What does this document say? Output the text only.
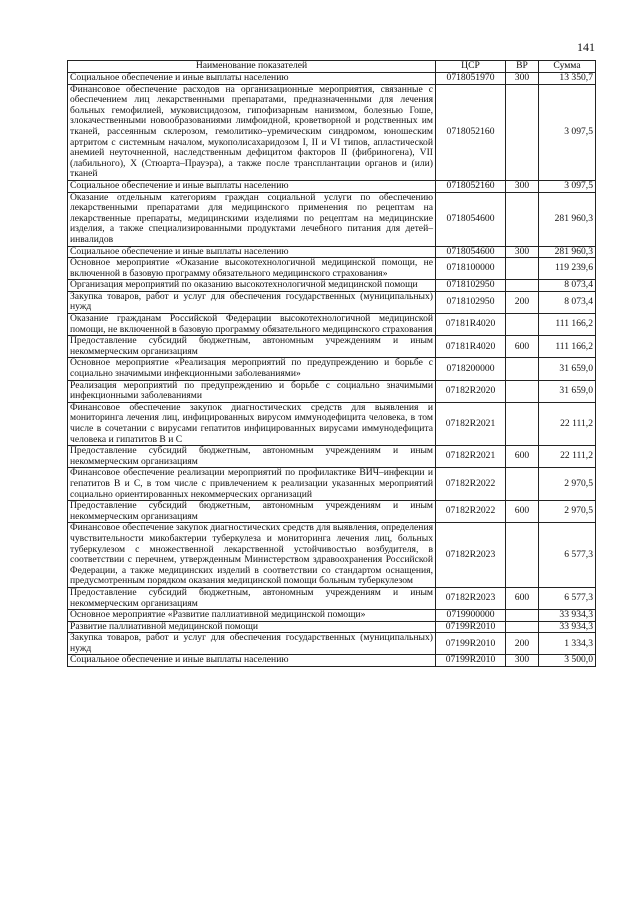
141
Наименование показателей	ЦСР	ВР	Сумма
Социальное обеспечение и иные выплаты населению	0718051970	300	13 350,7
Финансовое обеспечение расходов на организационные мероприятия, связанные с обеспечением лиц лекарственными препаратами, предназначенными для лечения больных гемофилией, муковисцидозом, гипофизарным нанизмом, болезнью Гоше, злокачественными новообразованиями лимфоидной, кроветворной и родственных им тканей, рассеянным склерозом, гемолитико–уремическим синдромом, юношеским артритом с системным началом, мукополисахаридозом I, II и VI типов, апластической анемией неуточненной, наследственным дефицитом факторов II (фибриногена), VII (лабильного), X (Стюарта–Прауэра), а также после трансплантации органов и (или) тканей	0718052160		3 097,5
Социальное обеспечение и иные выплаты населению	0718052160	300	3 097,5
Оказание отдельным категориям граждан социальной услуги по обеспечению лекарственными препаратами для медицинского применения по рецептам на лекарственные препараты, медицинскими изделиями по рецептам на медицинские изделия, а также специализированными продуктами лечебного питания для детей–инвалидов	0718054600		281 960,3
Социальное обеспечение и иные выплаты населению	0718054600	300	281 960,3
Основное мероприятие «Оказание высокотехнологичной медицинской помощи, не включенной в базовую программу обязательного медицинского страхования»	0718100000		119 239,6
Организация мероприятий по оказанию высокотехнологичной медицинской помощи	0718102950		8 073,4
Закупка товаров, работ и услуг для обеспечения государственных (муниципальных) нужд	0718102950	200	8 073,4
Оказание гражданам Российской Федерации высокотехнологичной медицинской помощи, не включенной в базовую программу обязательного медицинского страхования	07181R4020		111 166,2
Предоставление субсидий бюджетным, автономным учреждениям и иным некоммерческим организациям	07181R4020	600	111 166,2
Основное мероприятие «Реализация мероприятий по предупреждению и борьбе с социально значимыми инфекционными заболеваниями»	0718200000		31 659,0
Реализация мероприятий по предупреждению и борьбе с социально значимыми инфекционными заболеваниями	07182R2020		31 659,0
Финансовое обеспечение закупок диагностических средств для выявления и мониторинга лечения лиц, инфицированных вирусом иммунодефицита человека, в том числе в сочетании с вирусами гепатитов инфицированных вирусами иммунодефицита человека и гипатитов В и С	07182R2021		22 111,2
Предоставление субсидий бюджетным, автономным учреждениям и иным некоммерческим организациям	07182R2021	600	22 111,2
Финансовое обеспечение реализации мероприятий по профилактике ВИЧ–инфекции и гепатитов В и С, в том числе с привлечением к реализации указанных мероприятий социально ориентированных некоммерческих организаций	07182R2022		2 970,5
Предоставление субсидий бюджетным, автономным учреждениям и иным некоммерческим организациям	07182R2022	600	2 970,5
Финансовое обеспечение закупок диагностических средств для выявления, определения чувствительности микобактерии туберкулеза и мониторинга лечения лиц, больных туберкулезом с множественной лекарственной устойчивостью возбудителя, в соответствии с перечнем, утвержденным Министерством здравоохранения Российской Федерации, а также медицинских изделий в соответствии со стандартом оснащения, предусмотренным порядком оказания медицинской помощи больным туберкулезом	07182R2023		6 577,3
Предоставление субсидий бюджетным, автономным учреждениям и иным некоммерческим организациям	07182R2023	600	6 577,3
Основное мероприятие «Развитие паллиативной медицинской помощи»	0719900000		33 934,3
Развитие паллиативной медицинской помощи	07199R2010		33 934,3
Закупка товаров, работ и услуг для обеспечения государственных (муниципальных) нужд	07199R2010	200	1 334,3
Социальное обеспечение и иные выплаты населению	07199R2010	300	3 500,0
